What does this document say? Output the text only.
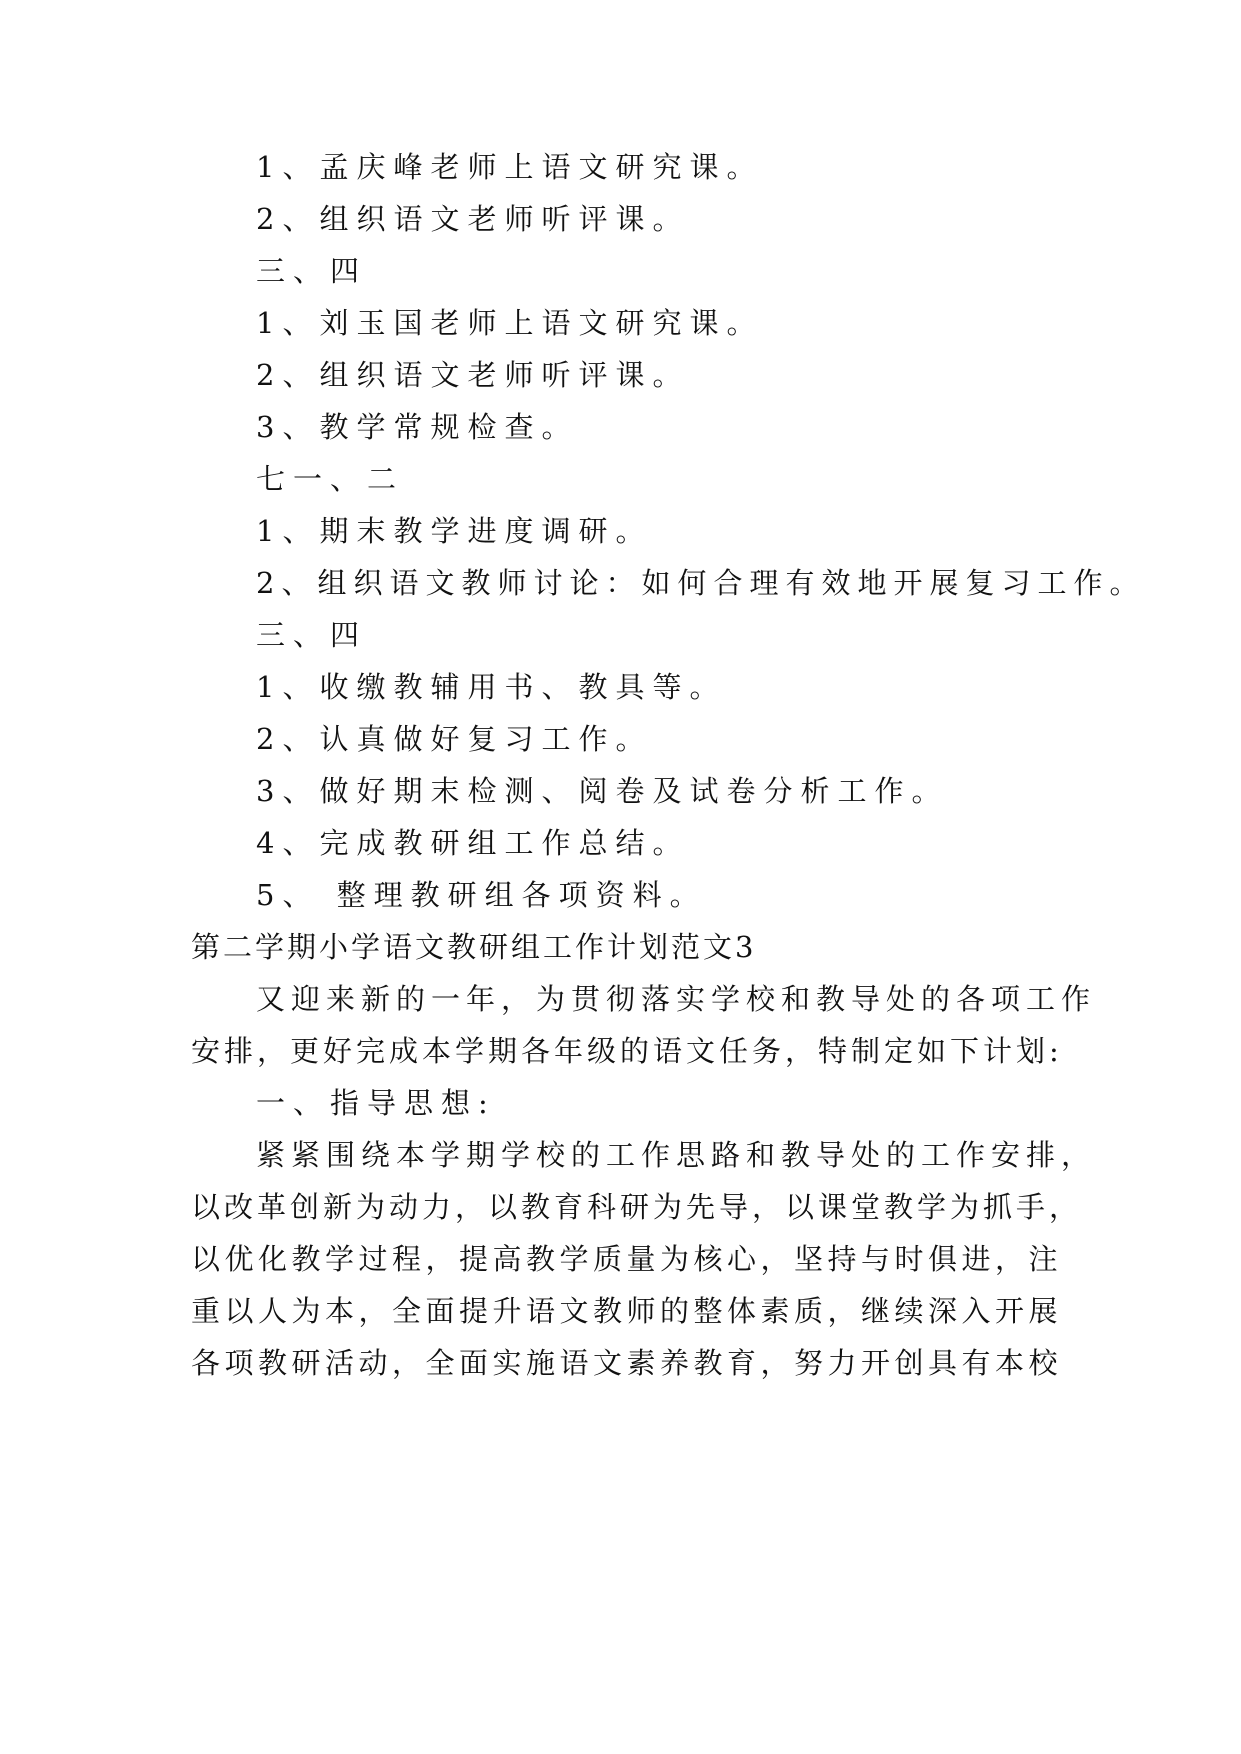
1、孟庆峰老师上语文研究课。
2、组织语文老师听评课。
三、四
1、刘玉国老师上语文研究课。
2、组织语文老师听评课。
3、教学常规检查。
七一、二
1、期末教学进度调研。
2、组织语文教师讨论：如何合理有效地开展复习工作。
三、四
1、收缴教辅用书、教具等。
2、认真做好复习工作。
3、做好期末检测、阅卷及试卷分析工作。
4、完成教研组工作总结。
5、 整理教研组各项资料。
第二学期小学语文教研组工作计划范文3
又迎来新的一年，为贯彻落实学校和教导处的各项工作
安排，更好完成本学期各年级的语文任务，特制定如下计划:
一、指导思想:
紧紧围绕本学期学校的工作思路和教导处的工作安排，
以改革创新为动力，以教育科研为先导，以课堂教学为抓手，
以优化教学过程，提高教学质量为核心，坚持与时俱进，注
重以人为本，全面提升语文教师的整体素质，继续深入开展
各项教研活动，全面实施语文素养教育，努力开创具有本校
